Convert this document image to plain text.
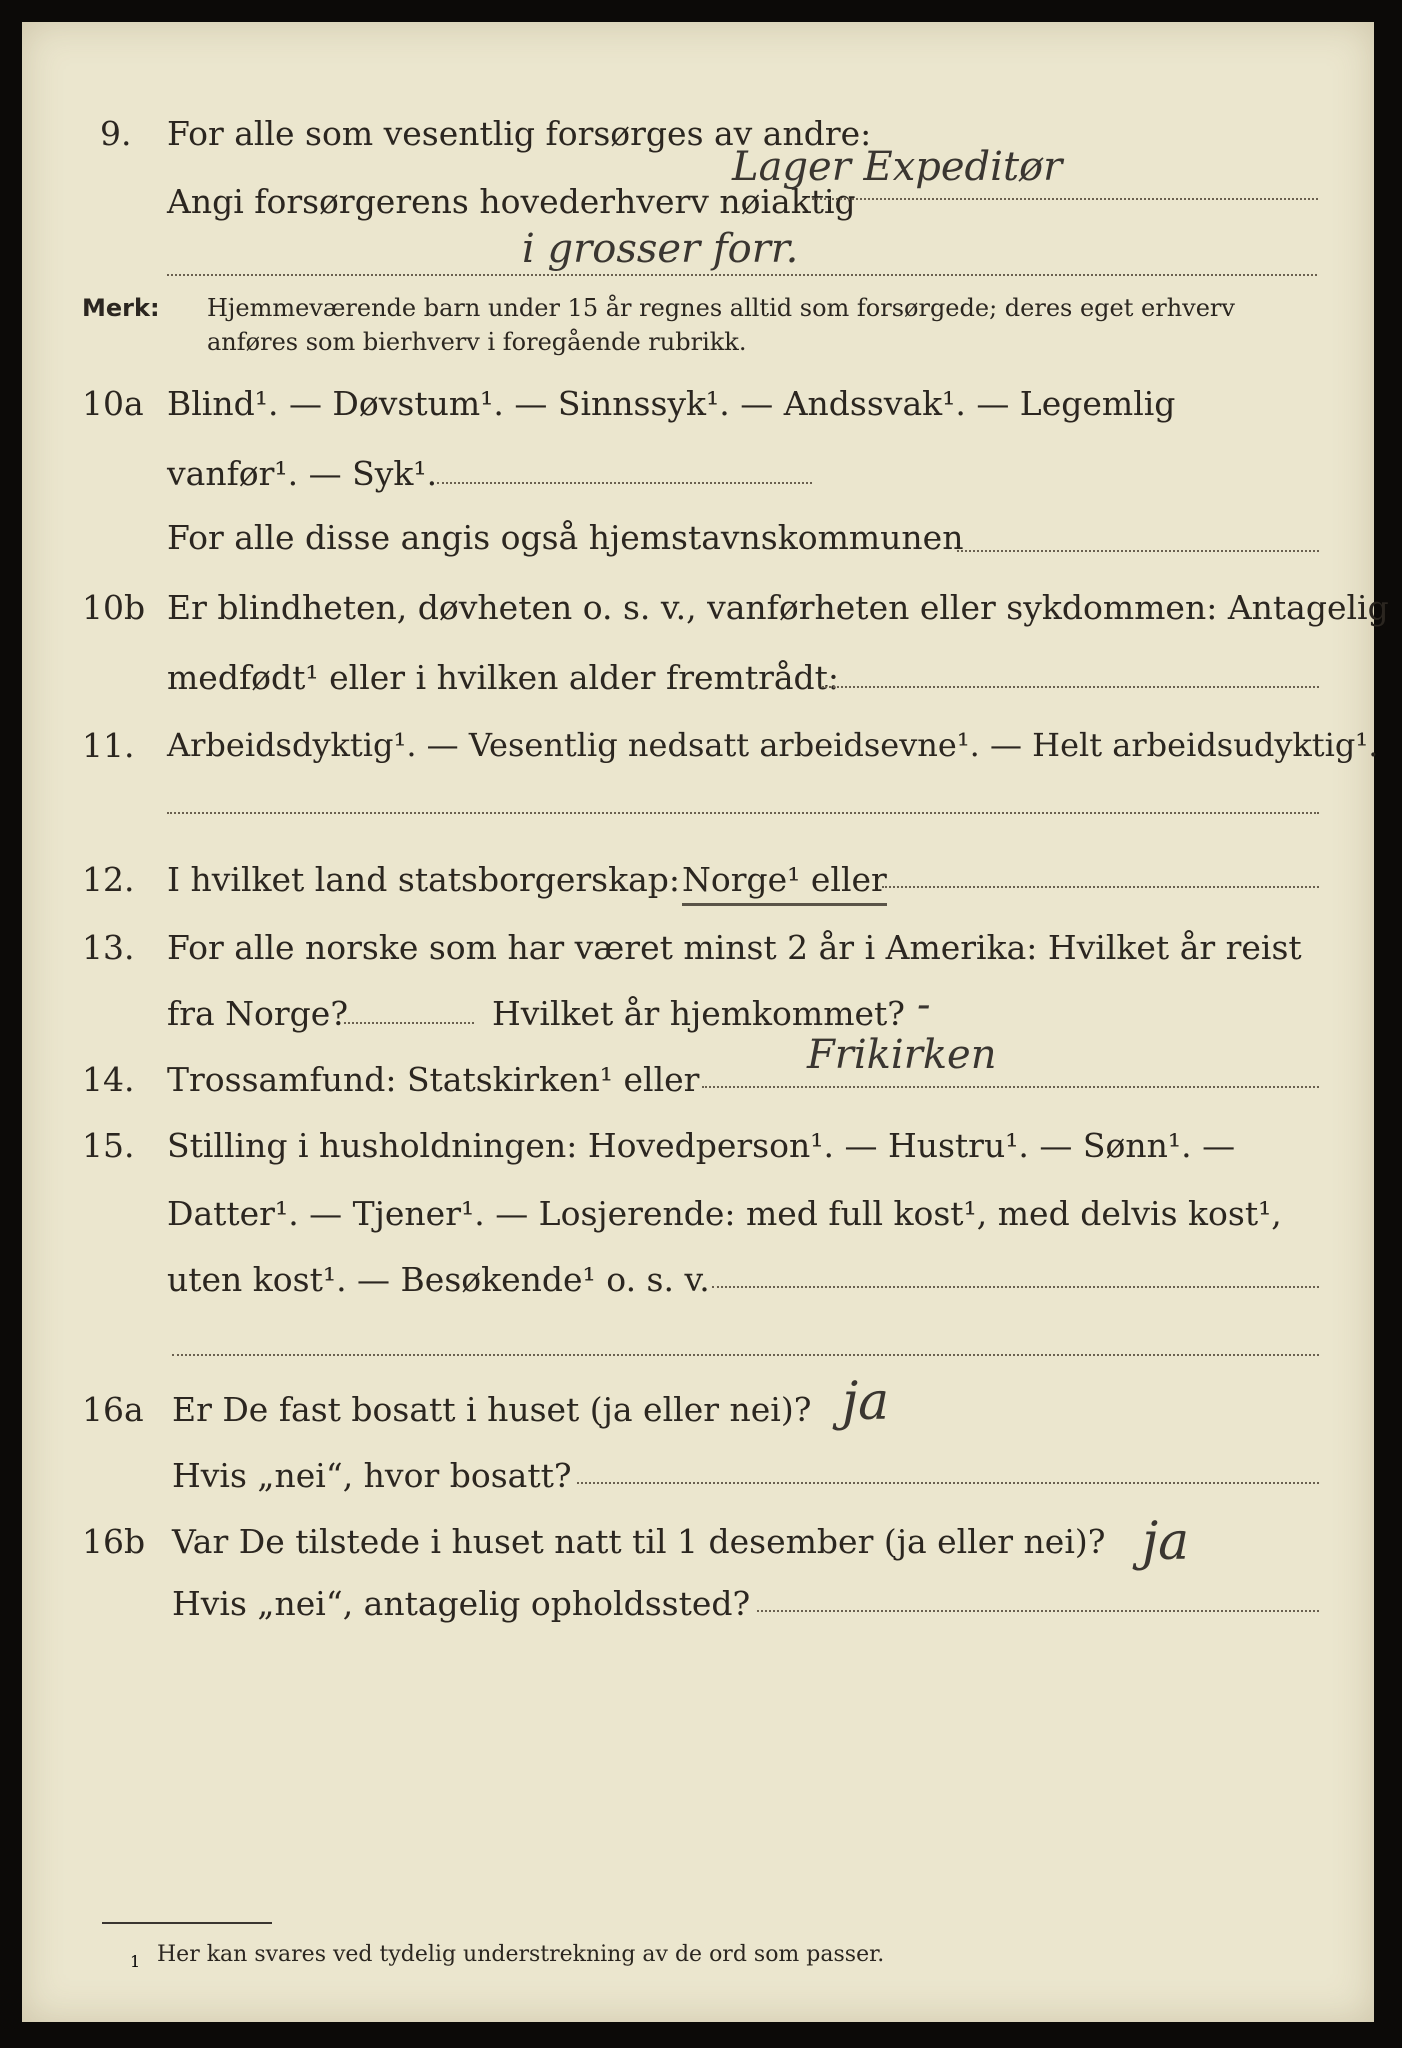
9. For alle som vesentlig forsørges av andre:
Angi forsørgerens hovederhverv nøiaktig
Lager Expeditør
i grosser forr.
Merk: Hjemmeværende barn under 15 år regnes alltid som forsørgede; deres eget erhverv
anføres som bierhverv i foregående rubrikk.
10a Blind¹. — Døvstum¹. — Sinnssyk¹. — Andssvak¹. — Legemlig
vanfør¹. — Syk¹.
For alle disse angis også hjemstavnskommunen
10b Er blindheten, døvheten o. s. v., vanførheten eller sykdommen: Antagelig
medfødt¹ eller i hvilken alder fremtrådt:
11. Arbeidsdyktig¹. — Vesentlig nedsatt arbeidsevne¹. — Helt arbeidsudyktig¹.
12. I hvilket land statsborgerskap: Norge¹ eller
13. For alle norske som har været minst 2 år i Amerika: Hvilket år reist
fra Norge?	Hvilket år hjemkommet? -
14. Trossamfund: Statskirken¹ eller
Frikirken
15. Stilling i husholdningen: Hovedperson¹. — Hustru¹. — Sønn¹. —
Datter¹. — Tjener¹. — Losjerende: med full kost¹, med delvis kost¹,
uten kost¹. — Besøkende¹ o. s. v.
16a Er De fast bosatt i huset (ja eller nei)? ja
Hvis „nei“, hvor bosatt?
16b Var De tilstede i huset natt til 1 desember (ja eller nei)? ja
Hvis „nei“, antagelig opholdssted?
1 Her kan svares ved tydelig understrekning av de ord som passer.
